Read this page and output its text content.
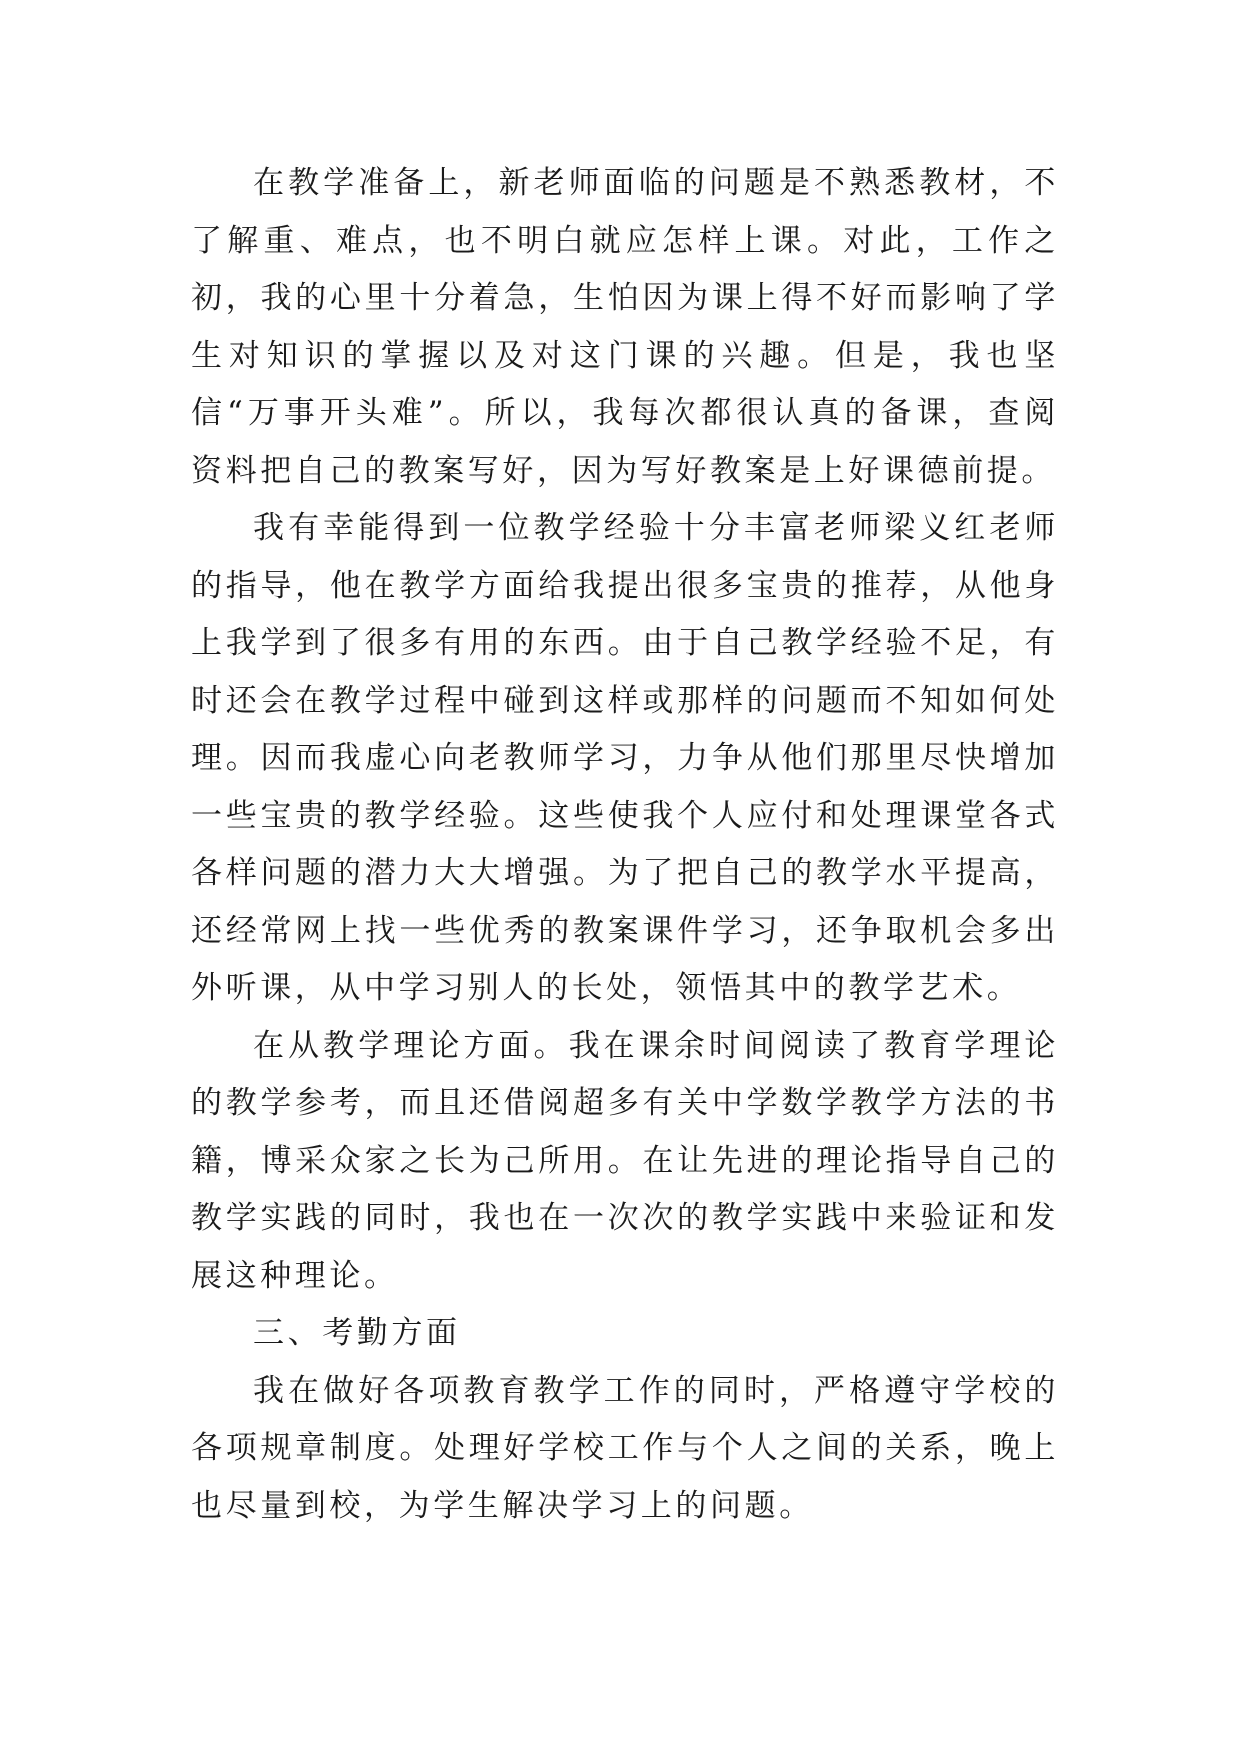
在教学准备上，新老师面临的问题是不熟悉教材，不了解重、难点，也不明白就应怎样上课。对此，工作之初，我的心里十分着急，生怕因为课上得不好而影响了学生对知识的掌握以及对这门课的兴趣。但是，我也坚信“万事开头难”。所以，我每次都很认真的备课，查阅资料把自己的教案写好，因为写好教案是上好课德前提。

我有幸能得到一位教学经验十分丰富老师梁义红老师的指导，他在教学方面给我提出很多宝贵的推荐，从他身上我学到了很多有用的东西。由于自己教学经验不足，有时还会在教学过程中碰到这样或那样的问题而不知如何处理。因而我虚心向老教师学习，力争从他们那里尽快增加一些宝贵的教学经验。这些使我个人应付和处理课堂各式各样问题的潜力大大增强。为了把自己的教学水平提高，还经常网上找一些优秀的教案课件学习，还争取机会多出外听课，从中学习别人的长处，领悟其中的教学艺术。

在从教学理论方面。我在课余时间阅读了教育学理论的教学参考，而且还借阅超多有关中学数学教学方法的书籍，博采众家之长为己所用。在让先进的理论指导自己的教学实践的同时，我也在一次次的教学实践中来验证和发展这种理论。

三、考勤方面

我在做好各项教育教学工作的同时，严格遵守学校的各项规章制度。处理好学校工作与个人之间的关系，晚上也尽量到校，为学生解决学习上的问题。
